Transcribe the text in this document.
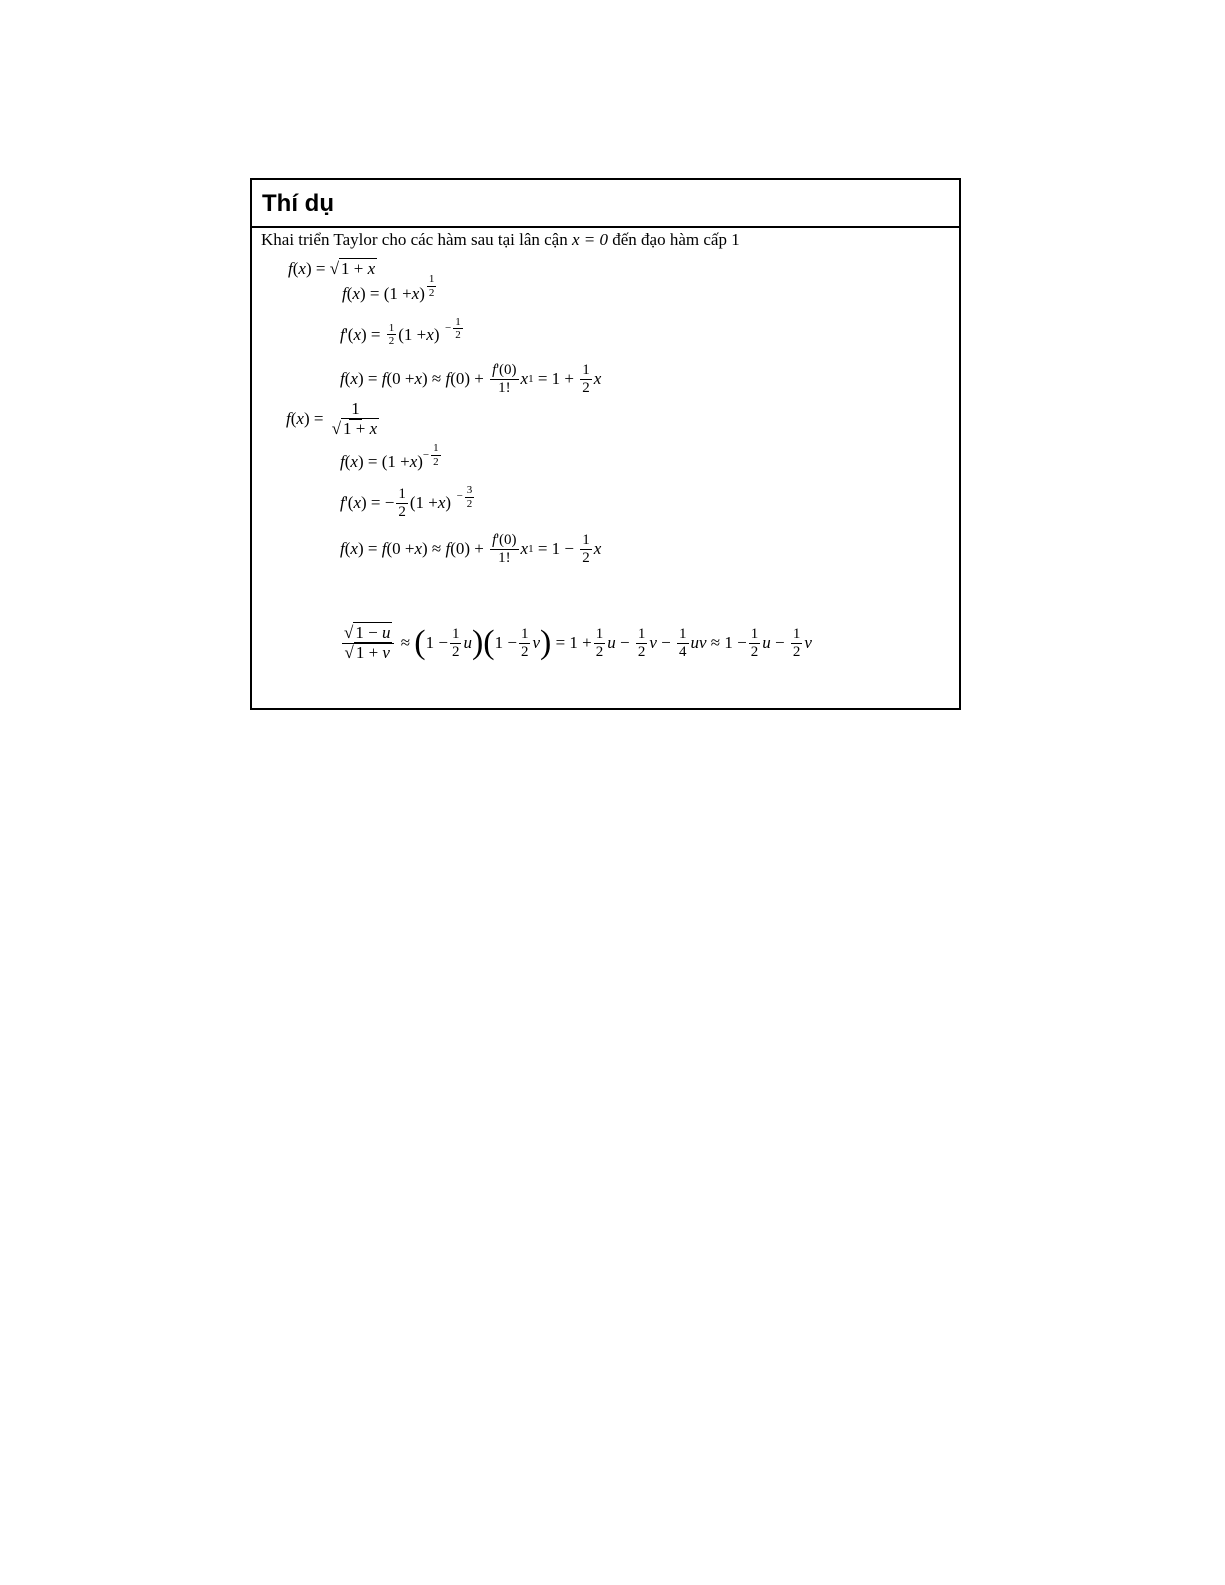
Thí dụ
Khai triển Taylor cho các hàm sau tại lân cận x = 0 đến đạo hàm cấp 1
f ( x ) = √ 1 + x
f ( x ) = (1 + x ) $\frac{1}{2}$
f '( x ) = $\frac{1}{2} (1 + x$ ) − $\frac{1}{2}$
f ( x ) = f (0 + x ) ≈ f $(0) + \frac{f'(0)}{1!}$ x $1 = 1 + \frac{1}{2}$ x
f ( x ) = $\frac{1}{√ 1 + x}$
f ( x ) = (1 + x ) − $\frac{1}{2}$
f '( x ) = − $\frac{1}{2} (1 + x$ ) − $\frac{3}{2}$
f ( x ) = f (0 + x ) ≈ f $(0) + \frac{f'(0)}{1!}$ x $1 = 1 - \frac{1}{2}$ x
$\frac{√ 1 - u}{√ 1 + v}$ ≈ ( $1 - \frac{1}{2}$ u )( $1 - \frac{1}{2}$ v ) = $1 + \frac{1}{2}$ $u - \frac{1}{2}$ $v - \frac{1}{4}$ uv ≈ $1 - \frac{1}{2}$ $u - \frac{1}{2}$ v
